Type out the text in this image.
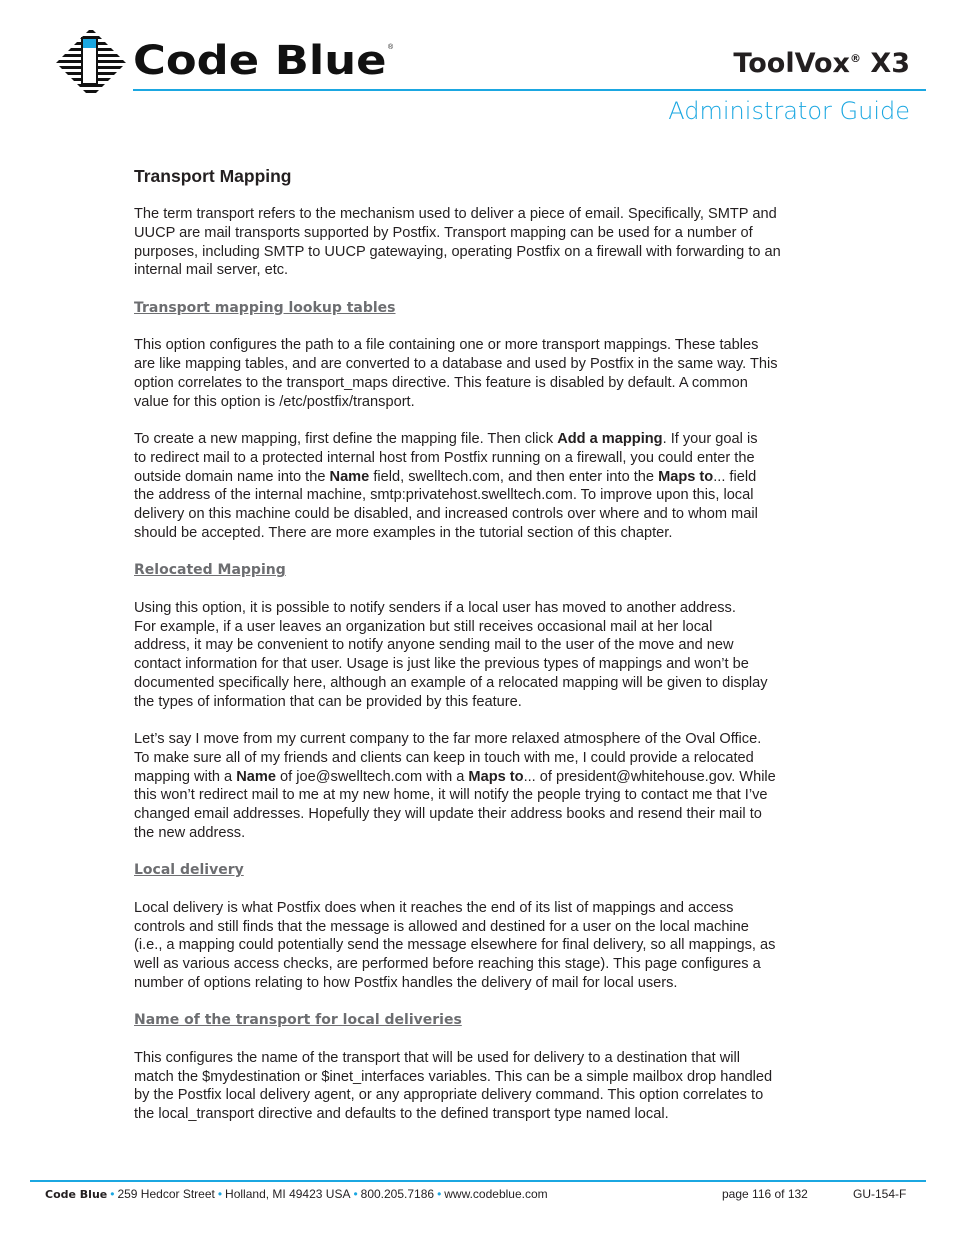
Code Blue ®
ToolVox® X3
Administrator Guide
Transport Mapping
The term transport refers to the mechanism used to deliver a piece of email. Specifically, SMTP and
UUCP are mail transports supported by Postfix. Transport mapping can be used for a number of
purposes, including SMTP to UUCP gatewaying, operating Postfix on a firewall with forwarding to an
internal mail server, etc.
Transport mapping lookup tables
This option configures the path to a file containing one or more transport mappings. These tables
are like mapping tables, and are converted to a database and used by Postfix in the same way. This
option correlates to the transport_maps directive. This feature is disabled by default. A common
value for this option is /etc/postfix/transport.
To create a new mapping, first define the mapping file. Then click Add a mapping. If your goal is
to redirect mail to a protected internal host from Postfix running on a firewall, you could enter the
outside domain name into the Name field, swelltech.com, and then enter into the Maps to... field
the address of the internal machine, smtp:privatehost.swelltech.com. To improve upon this, local
delivery on this machine could be disabled, and increased controls over where and to whom mail
should be accepted. There are more examples in the tutorial section of this chapter.
Relocated Mapping
Using this option, it is possible to notify senders if a local user has moved to another address.
For example, if a user leaves an organization but still receives occasional mail at her local
address, it may be convenient to notify anyone sending mail to the user of the move and new
contact information for that user. Usage is just like the previous types of mappings and won’t be
documented specifically here, although an example of a relocated mapping will be given to display
the types of information that can be provided by this feature.
Let’s say I move from my current company to the far more relaxed atmosphere of the Oval Office.
To make sure all of my friends and clients can keep in touch with me, I could provide a relocated
mapping with a Name of joe@swelltech.com with a Maps to... of president@whitehouse.gov. While
this won’t redirect mail to me at my new home, it will notify the people trying to contact me that I’ve
changed email addresses. Hopefully they will update their address books and resend their mail to
the new address.
Local delivery
Local delivery is what Postfix does when it reaches the end of its list of mappings and access
controls and still finds that the message is allowed and destined for a user on the local machine
(i.e., a mapping could potentially send the message elsewhere for final delivery, so all mappings, as
well as various access checks, are performed before reaching this stage). This page configures a
number of options relating to how Postfix handles the delivery of mail for local users.
Name of the transport for local deliveries
This configures the name of the transport that will be used for delivery to a destination that will
match the $mydestination or $inet_interfaces variables. This can be a simple mailbox drop handled
by the Postfix local delivery agent, or any appropriate delivery command. This option correlates to
the local_transport directive and defaults to the defined transport type named local.
Code Blue • 259 Hedcor Street • Holland, MI 49423 USA • 800.205.7186 • www.codeblue.com	page 116 of 132	GU-154-F
